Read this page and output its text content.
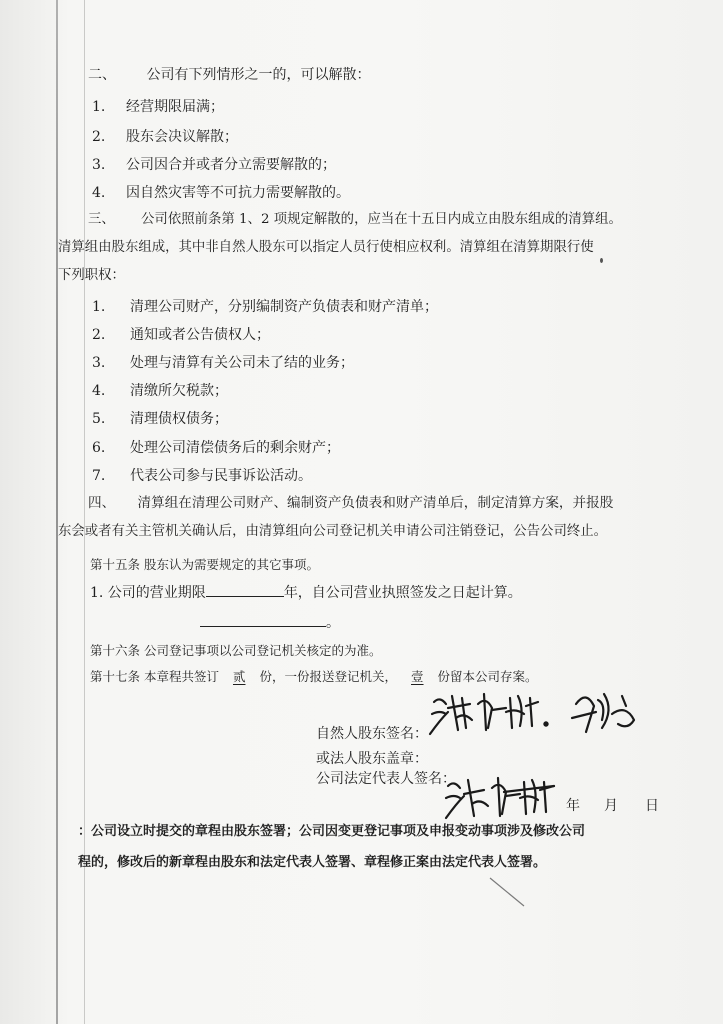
二、 公司有下列情形之一的，可以解散：
1. 经营期限届满；
2. 股东会决议解散；
3. 公司因合并或者分立需要解散的；
4. 因自然灾害等不可抗力需要解散的。
三、 公司依照前条第 1、2 项规定解散的，应当在十五日内成立由股东组成的清算组。
清算组由股东组成，其中非自然人股东可以指定人员行使相应权利。清算组在清算期限行使
下列职权：
1. 清理公司财产，分别编制资产负债表和财产清单；
2. 通知或者公告债权人；
3. 处理与清算有关公司未了结的业务；
4. 清缴所欠税款；
5. 清理债权债务；
6. 处理公司清偿债务后的剩余财产；
7. 代表公司参与民事诉讼活动。
四、 清算组在清理公司财产、编制资产负债表和财产清单后，制定清算方案，并报股
东会或者有关主管机关确认后，由清算组向公司登记机关申请公司注销登记，公告公司终止。
第十五条 股东认为需要规定的其它事项。
1. 公司的营业期限	年，自公司营业执照签发之日起计算。
。
第十六条 公司登记事项以公司登记机关核定的为准。
第十七条 本章程共签订 贰 份，一份报送登记机关， 壹 份留本公司存案。
自然人股东签名：
或法人股东盖章：
公司法定代表人签名：
年 月 日
：公司设立时提交的章程由股东签署；公司因变更登记事项及申报变动事项涉及修改公司
程的，修改后的新章程由股东和法定代表人签署、章程修正案由法定代表人签署。
